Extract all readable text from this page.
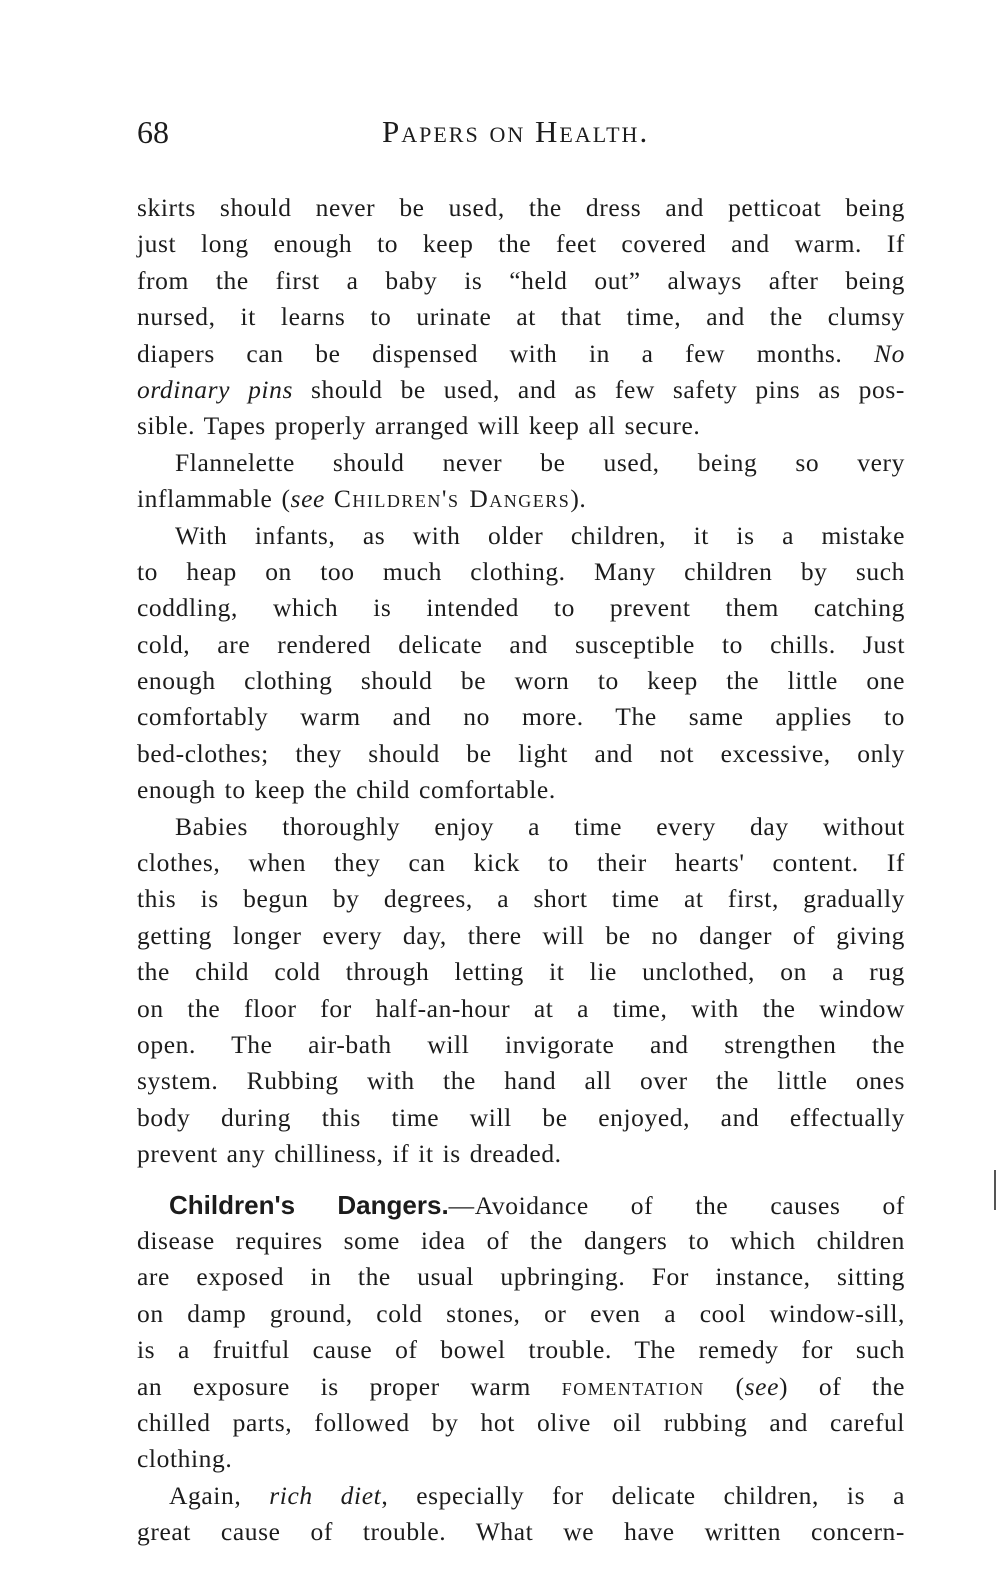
68	Papers on Health.
skirts should never be used, the dress and petticoat being
just long enough to keep the feet covered and warm. If
from the first a baby is “held out” always after being
nursed, it learns to urinate at that time, and the clumsy
diapers can be dispensed with in a few months. No
ordinary pins should be used, and as few safety pins as pos-
sible. Tapes properly arranged will keep all secure.
Flannelette should never be used, being so very
inflammable (see Children's Dangers).
With infants, as with older children, it is a mistake
to heap on too much clothing. Many children by such
coddling, which is intended to prevent them catching
cold, are rendered delicate and susceptible to chills. Just
enough clothing should be worn to keep the little one
comfortably warm and no more. The same applies to
bed-clothes; they should be light and not excessive, only
enough to keep the child comfortable.
Babies thoroughly enjoy a time every day without
clothes, when they can kick to their hearts' content. If
this is begun by degrees, a short time at first, gradually
getting longer every day, there will be no danger of giving
the child cold through letting it lie unclothed, on a rug
on the floor for half-an-hour at a time, with the window
open. The air-bath will invigorate and strengthen the
system. Rubbing with the hand all over the little ones
body during this time will be enjoyed, and effectually
prevent any chilliness, if it is dreaded.
Children's Dangers.—Avoidance of the causes of
disease requires some idea of the dangers to which children
are exposed in the usual upbringing. For instance, sitting
on damp ground, cold stones, or even a cool window-sill,
is a fruitful cause of bowel trouble. The remedy for such
an exposure is proper warm fomentation (see) of the
chilled parts, followed by hot olive oil rubbing and careful
clothing.
Again, rich diet, especially for delicate children, is a
great cause of trouble. What we have written concern-
